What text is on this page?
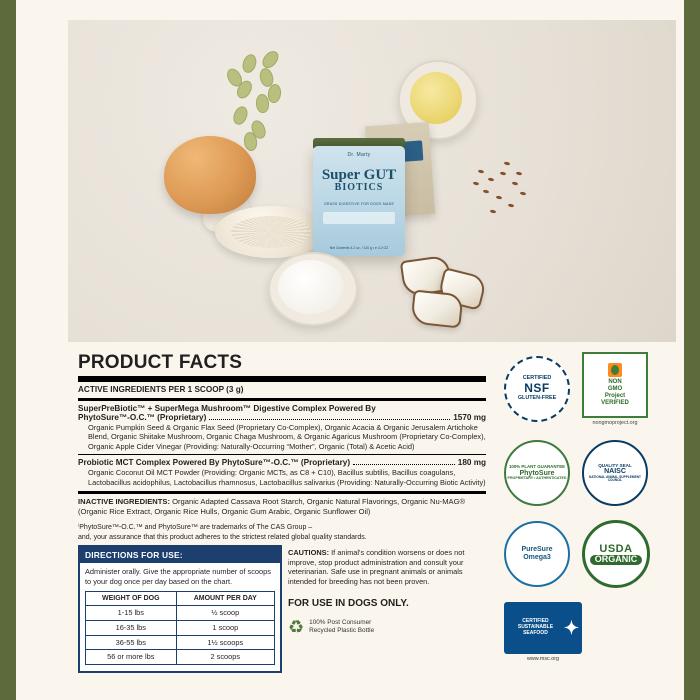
Dr. Marty
Super GUT
BIOTICS
GRASS DIGESTIVE FOR DOGS MADE
Net Contents 4.2 oz. / 120 g • e 4.2 OZ
PRODUCT FACTS
ACTIVE INGREDIENTS PER 1 SCOOP (3 g)
SuperPreBiotic™ + SuperMega Mushroom™ Digestive Complex Powered By
PhytoSure™-O.C.™ (Proprietary)	1570 mg
Organic Pumpkin Seed & Organic Flax Seed (Proprietary Co-Complex), Organic Acacia & Organic Jerusalem Artichoke Blend, Organic Shiitake Mushroom, Organic Chaga Mushroom, & Organic Agaricus Mushroom (Proprietary Co-Complex), Organic Apple Cider Vinegar (Providing: Naturally-Occurring “Mother”, Organic (Total) & Acetic Acid)
Probiotic MCT Complex Powered By PhytoSure™-O.C.™ (Proprietary)	180 mg
Organic Coconut Oil MCT Powder (Providing: Organic MCTs, as C8 + C10), Bacillus subtilis, Bacillus coagulans, Lactobacillus acidophilus, Lactobacillus rhamnosus, Lactobacillus salivarius (Providing: Naturally-Occurring Biotic Activity)
INACTIVE INGREDIENTS: Organic Adapted Cassava Root Starch, Organic Natural Flavorings, Organic Nu-MAG® (Organic Rice Extract, Organic Rice Hulls, Organic Gum Arabic, Organic Sunflower Oil)
ⁱPhytoSure™-O.C.™ and PhytoSure™ are trademarks of The CAS Group –
and, your assurance that this product adheres to the strictest related global quality standards.
DIRECTIONS FOR USE:
Administer orally. Give the appropriate number of scoops to your dog once per day based on the chart.
WEIGHT OF DOG	AMOUNT PER DAY
1-15 lbs	½ scoop
16-35 lbs	1 scoop
36-55 lbs	1½ scoops
56 or more lbs	2 scoops
CAUTIONS: If animal's condition worsens or does not improve, stop product administration and consult your veterinarian. Safe use in pregnant animals or animals intended for breeding has not been proven.
FOR USE IN DOGS ONLY.
♻ 100% Post Consumer
Recycled Plastic Bottle
CERTIFIED
NSF
GLUTEN-FREE
NON
GMO
Project
VERIFIED
nongmoproject.org
100% PLANT GUARANTEE
PhytoSure
PROPRIETARY • AUTHENTICATED
QUALITY SEAL
NAISC
NATIONAL ANIMAL SUPPLEMENT COUNCIL
PureSure
Omega3
USDA
ORGANIC
CERTIFIED SUSTAINABLE SEAFOOD ✦
www.msc.org
